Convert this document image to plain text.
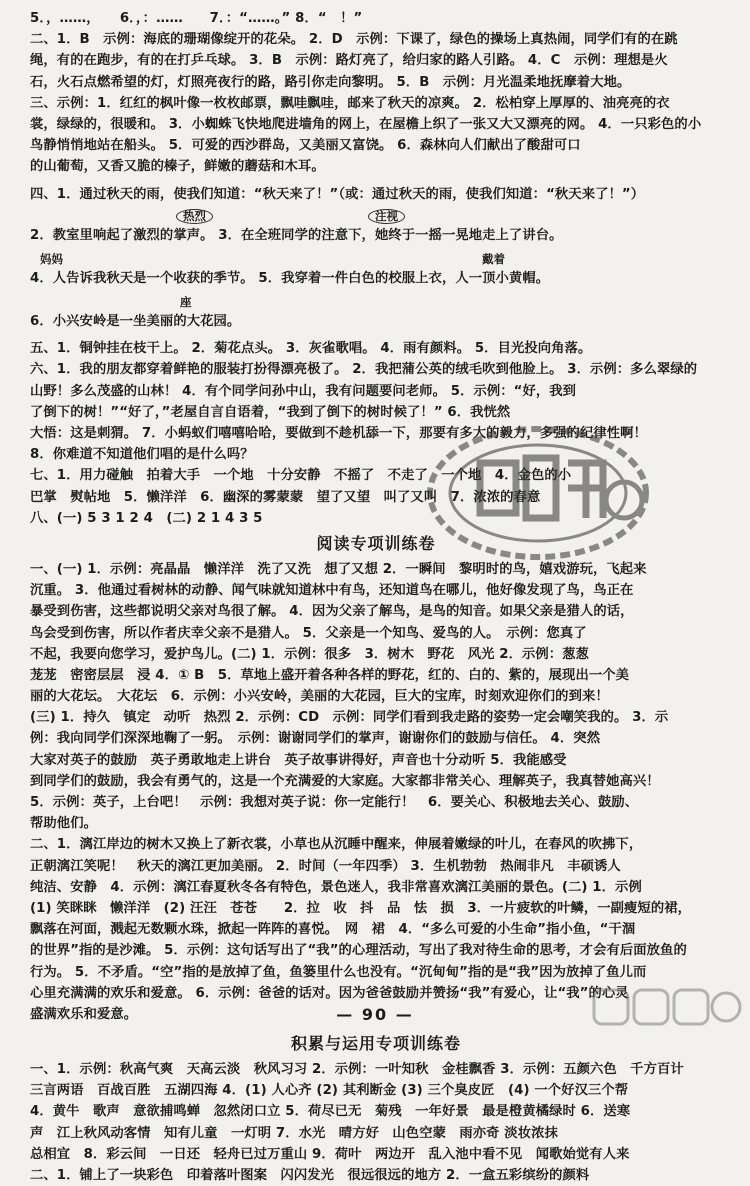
5．，……，　　6．，：……　　7．：“……。” 8．“　！”
二、1．B　示例：海底的珊瑚像绽开的花朵。 2．D　示例：下课了，绿色的操场上真热闹，同学们有的在跳
绳，有的在跑步，有的在打乒乓球。 3．B　示例：路灯亮了，给归家的路人引路。 4．C　示例：理想是火
石，火石点燃希望的灯，灯照亮夜行的路，路引你走向黎明。 5．B　示例：月光温柔地抚摩着大地。
三、示例：1．红红的枫叶像一枚枚邮票，飘哇飘哇，邮来了秋天的凉爽。 2．松柏穿上厚厚的、油亮亮的衣
裳，绿绿的，很暖和。 3．小蜘蛛飞快地爬进墙角的网上，在屋檐上织了一张又大又漂亮的网。 4．一只彩色的小
鸟静悄悄地站在船头。 5．可爱的西沙群岛，又美丽又富饶。 6．森林向人们献出了酸甜可口
的山葡萄，又香又脆的榛子，鲜嫩的蘑菇和木耳。
四、1．通过秋天的雨，使我们知道：“秋天来了！”（或：通过秋天的雨，使我们知道：“秋天来了！”）
热烈	注视
2．教室里响起了激烈的掌声。 3．在全班同学的注意下，她终于一摇一晃地走上了讲台。
妈妈	戴着
4．人告诉我秋天是一个收获的季节。 5．我穿着一件白色的校服上衣，人一顶小黄帽。
座
6．小兴安岭是一坐美丽的大花园。
五、1．铜钟挂在枝干上。 2．菊花点头。 3．灰雀歌唱。 4．雨有颜料。 5．目光投向角落。
六、1．我的朋友都穿着鲜艳的服装打扮得漂亮极了。 2．我把蒲公英的绒毛吹到他脸上。 3．示例：多么翠绿的
山野！多么茂盛的山林！ 4．有个同学问孙中山，我有问题要问老师。 5．示例：“好，我到
了倒下的树！”“好了，”老屋自言自语着，“我到了倒下的树时候了！” 6．我恍然
大悟：这是刺猬。 7．小蚂蚁们嘻嘻哈哈，要做到不趁机舔一下，那要有多大的毅力，多强的纪律性啊！
8．你难道不知道他们唱的是什么吗？
七、1．用力碰触　拍着大手　一个地　十分安静　不摇了　不走了　一个地　4．金色的小
巴掌　熨帖地　5．懒洋洋　6．幽深的雾蒙蒙　望了又望　叫了又叫　7．浓浓的春意
八、(一) 5 3 1 2 4　(二) 2 1 4 3 5
阅读专项训练卷
一、(一) 1．示例：亮晶晶　懒洋洋　洗了又洗　想了又想 2．一瞬间　黎明时的鸟，嬉戏游玩，飞起来
沉重。 3．他通过看树林的动静、闻气味就知道林中有鸟，还知道鸟在哪儿，他好像发现了鸟，鸟正在
暴受到伤害，这些都说明父亲对鸟很了解。 4．因为父亲了解鸟，是鸟的知音。如果父亲是猎人的话，
鸟会受到伤害，所以作者庆幸父亲不是猎人。 5．父亲是一个知鸟、爱鸟的人。　示例：您真了
不起，我要向您学习，爱护鸟儿。(二) 1．示例：很多　3．树木　野花　风光 2．示例：葱葱
茏茏　密密层层　浸 4．① B　5．草地上盛开着各种各样的野花，红的、白的、紫的，展现出一个美
丽的大花坛。　大花坛　6．示例：小兴安岭，美丽的大花园，巨大的宝库，时刻欢迎你们的到来！
(三) 1．持久　镇定　动听　热烈 2．示例：CD　示例：同学们看到我走路的姿势一定会嘲笑我的。 3．示
例：我向同学们深深地鞠了一躬。　示例：谢谢同学们的掌声，谢谢你们的鼓励与信任。 4．突然
大家对英子的鼓励　英子勇敢地走上讲台　英子故事讲得好，声音也十分动听 5．我能感受
到同学们的鼓励，我会有勇气的，这是一个充满爱的大家庭。大家都非常关心、理解英子，我真替她高兴！
5．示例：英子，上台吧！　示例：我想对英子说：你一定能行！　6．要关心、积极地去关心、鼓励、
帮助他们。
二、1．漓江岸边的树木又换上了新衣裳，小草也从沉睡中醒来，伸展着嫩绿的叶儿，在春风的吹拂下，
正朝漓江笑呢！　秋天的漓江更加美丽。 2．时间（一年四季） 3．生机勃勃　热闹非凡　丰硕诱人
纯洁、安静　4．示例：漓江春夏秋冬各有特色，景色迷人，我非常喜欢漓江美丽的景色。(二) 1．示例
(1) 笑眯眯　懒洋洋　(2) 汪汪　苍苍　　2．拉　收　抖　品　怯　损　3．一片疲软的叶鳞，一副瘦短的裙，
飘落在河面，溅起无数颗水珠，掀起一阵阵的喜悦。　网　裙　4．“多么可爱的小生命”指小鱼，“干涸
的世界”指的是沙滩。 5．示例：这句话写出了“我”的心理活动，写出了我对待生命的思考，才会有后面放鱼的
行为。 5．不矛盾。“空”指的是放掉了鱼，鱼篓里什么也没有。“沉甸甸”指的是“我”因为放掉了鱼儿而
心里充满满的欢乐和爱意。 6．示例：爸爸的话对。因为爸爸鼓励并赞扬“我”有爱心，让“我”的心灵
盛满欢乐和爱意。
积累与运用专项训练卷
一、1．示例：秋高气爽　天高云淡　秋风习习 2．示例：一叶知秋　金桂飘香 3．示例：五颜六色　千方百计
三言两语　百战百胜　五湖四海 4．(1) 人心齐 (2) 其利断金 (3) 三个臭皮匠　(4) 一个好汉三个帮
4．黄牛　歌声　意欲捕鸣蝉　忽然闭口立 5．荷尽已无　菊残　一年好景　最是橙黄橘绿时 6．送寒
声　江上秋风动客情　知有儿童　一灯明 7．水光　晴方好　山色空蒙　雨亦奇 淡妆浓抹
总相宜　8．彩云间　一日还　轻舟已过万重山 9．荷叶　两边开　乱入池中看不见　闻歌始觉有人来
二、1．铺上了一块彩色　印着落叶图案　闪闪发光　很远很远的地方 2．一盒五彩缤纷的颜料
— 90 —
